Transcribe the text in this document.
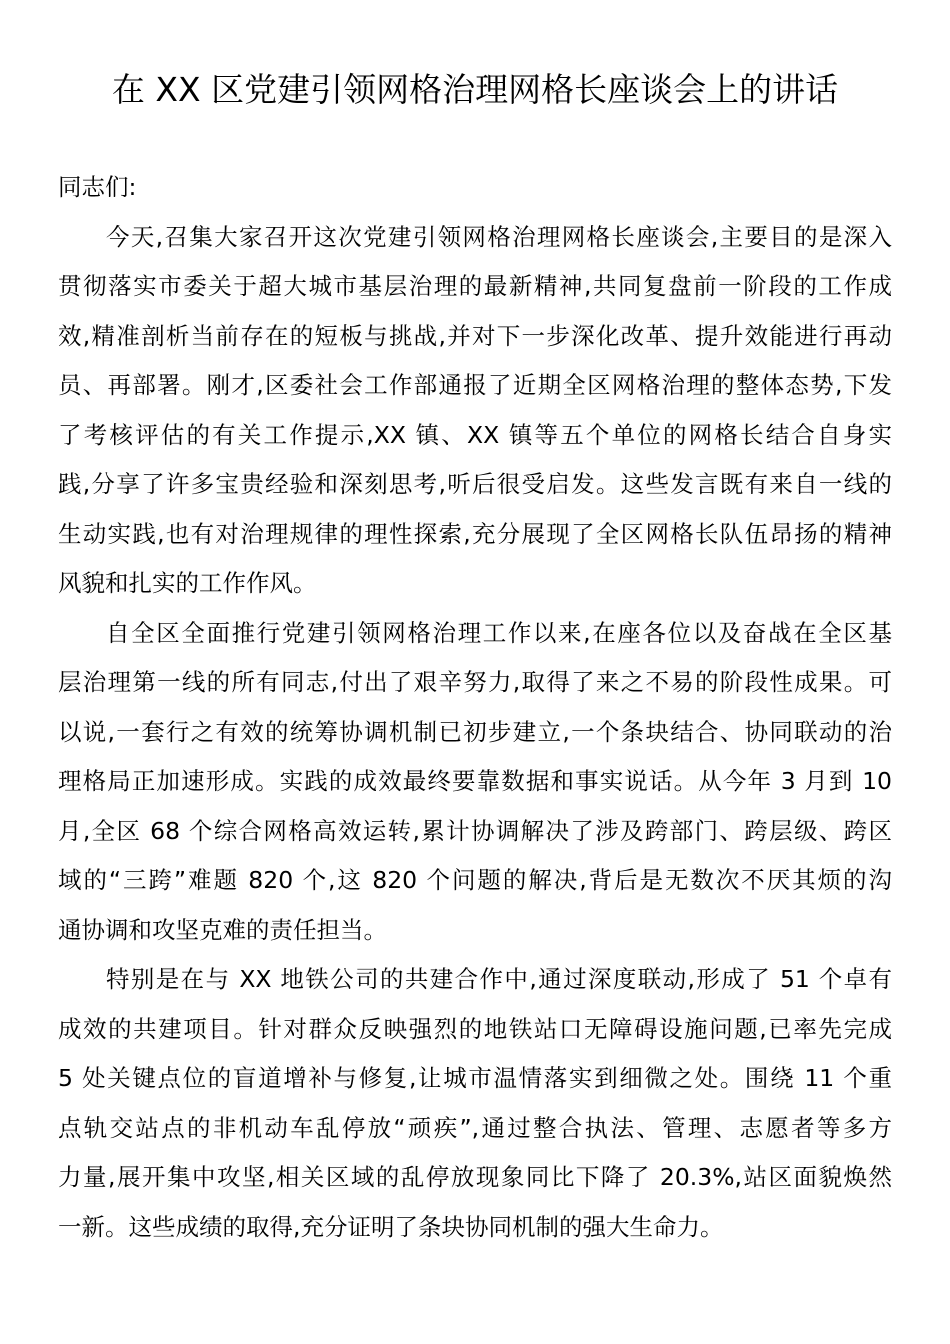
在 XX 区党建引领网格治理网格长座谈会上的讲话
同志们:
今天,召集大家召开这次党建引领网格治理网格长座谈会,主要目的是深入
贯彻落实市委关于超大城市基层治理的最新精神,共同复盘前一阶段的工作成
效,精准剖析当前存在的短板与挑战,并对下一步深化改革、提升效能进行再动
员、再部署。刚才,区委社会工作部通报了近期全区网格治理的整体态势,下发
了考核评估的有关工作提示,XX 镇、XX 镇等五个单位的网格长结合自身实
践,分享了许多宝贵经验和深刻思考,听后很受启发。这些发言既有来自一线的
生动实践,也有对治理规律的理性探索,充分展现了全区网格长队伍昂扬的精神
风貌和扎实的工作作风。
自全区全面推行党建引领网格治理工作以来,在座各位以及奋战在全区基
层治理第一线的所有同志,付出了艰辛努力,取得了来之不易的阶段性成果。可
以说,一套行之有效的统筹协调机制已初步建立,一个条块结合、协同联动的治
理格局正加速形成。实践的成效最终要靠数据和事实说话。从今年 3 月到 10
月,全区 68 个综合网格高效运转,累计协调解决了涉及跨部门、跨层级、跨区
域的“三跨”难题 820 个,这 820 个问题的解决,背后是无数次不厌其烦的沟
通协调和攻坚克难的责任担当。
特别是在与 XX 地铁公司的共建合作中,通过深度联动,形成了 51 个卓有
成效的共建项目。针对群众反映强烈的地铁站口无障碍设施问题,已率先完成
5 处关键点位的盲道增补与修复,让城市温情落实到细微之处。围绕 11 个重
点轨交站点的非机动车乱停放“顽疾”,通过整合执法、管理、志愿者等多方
力量,展开集中攻坚,相关区域的乱停放现象同比下降了 20.3%,站区面貌焕然
一新。这些成绩的取得,充分证明了条块协同机制的强大生命力。
